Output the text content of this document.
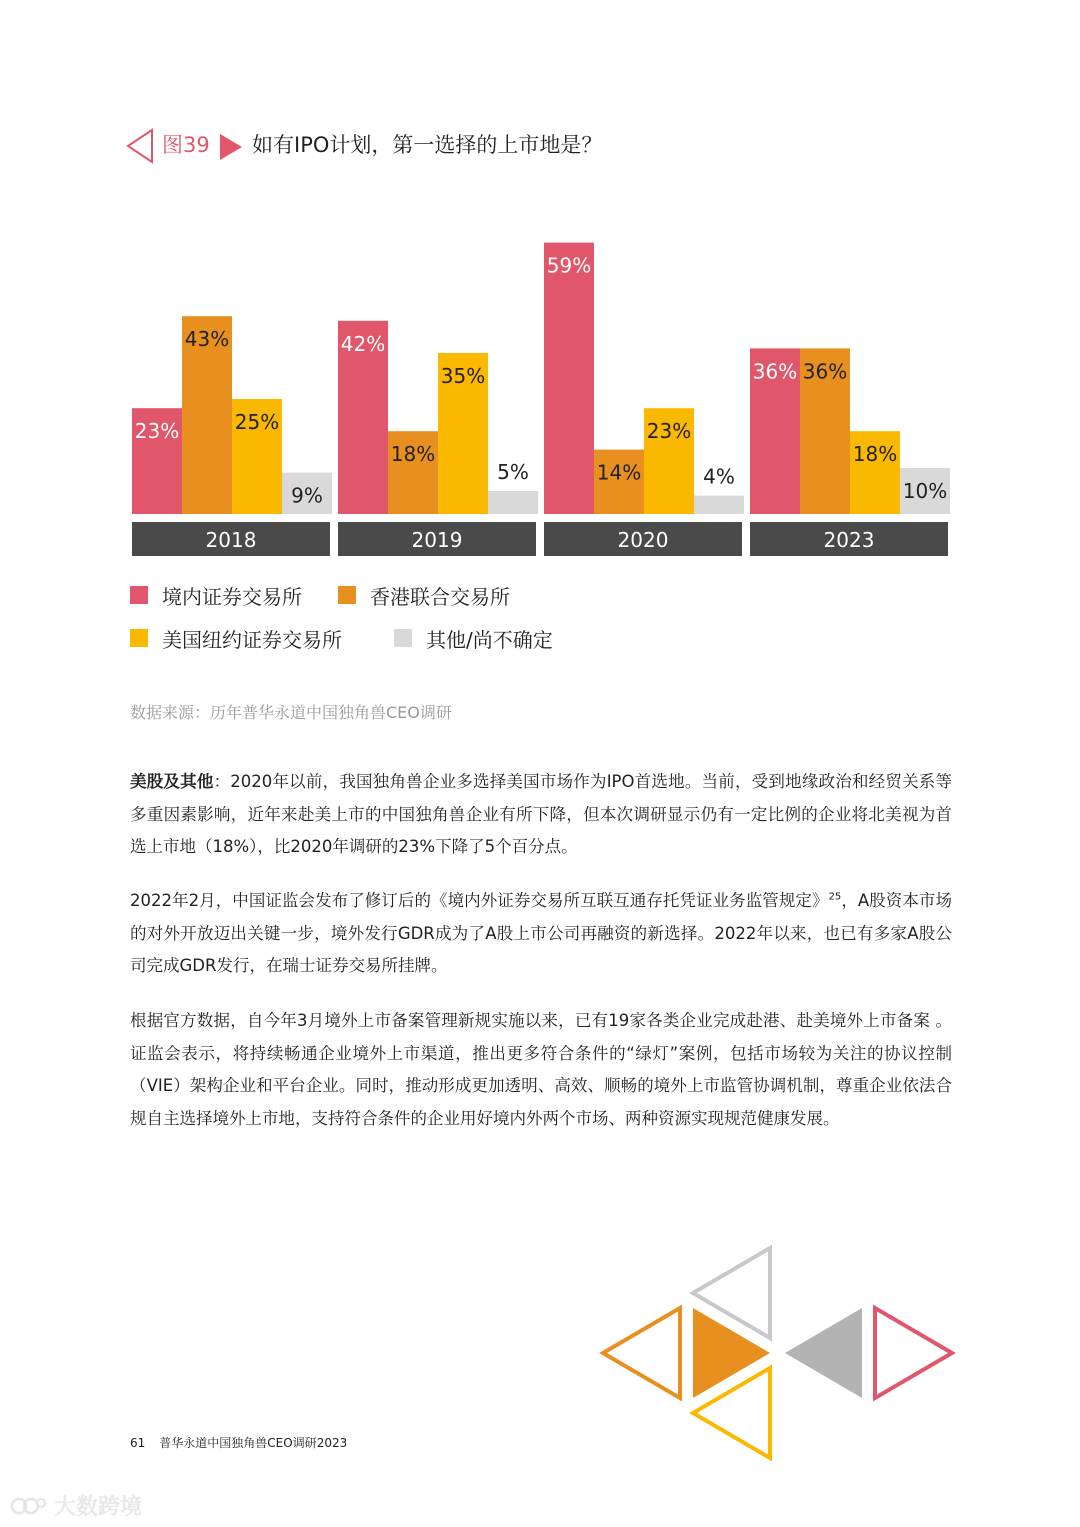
图39 如有IPO计划，第一选择的上市地是？
23%
43%
25%
9%
2018
42%
18%
35%
5%
2019
59%
14%
23%
4%
2020
36% 36%
18%
10%
2023
境内证券交易所	香港联合交易所
美国纽约证券交易所	其他/尚不确定
数据来源：历年普华永道中国独角兽CEO调研
美股及其他：2020年以前，我国独角兽企业多选择美国市场作为IPO首选地。当前，受到地缘政治和经贸关系等多重因素影响，近年来赴美上市的中国独角兽企业有所下降，但本次调研显示仍有一定比例的企业将北美视为首选上市地（18%），比2020年调研的23%下降了5个百分点。
2022年2月，中国证监会发布了修订后的《境内外证券交易所互联互通存托凭证业务监管规定》$^{25}$，A股资本市场的对外开放迈出关键一步，境外发行GDR成为了A股上市公司再融资的新选择。2022年以来，也已有多家A股公司完成GDR发行，在瑞士证券交易所挂牌。
根据官方数据，自今年3月境外上市备案管理新规实施以来，已有19家各类企业完成赴港、赴美境外上市备案 。证监会表示，将持续畅通企业境外上市渠道，推出更多符合条件的“绿灯”案例，包括市场较为关注的协议控制（VIE）架构企业和平台企业。同时，推动形成更加透明、高效、顺畅的境外上市监管协调机制，尊重企业依法合规自主选择境外上市地，支持符合条件的企业用好境内外两个市场、两种资源实现规范健康发展。
61 普华永道中国独角兽CEO调研2023
大数跨境
